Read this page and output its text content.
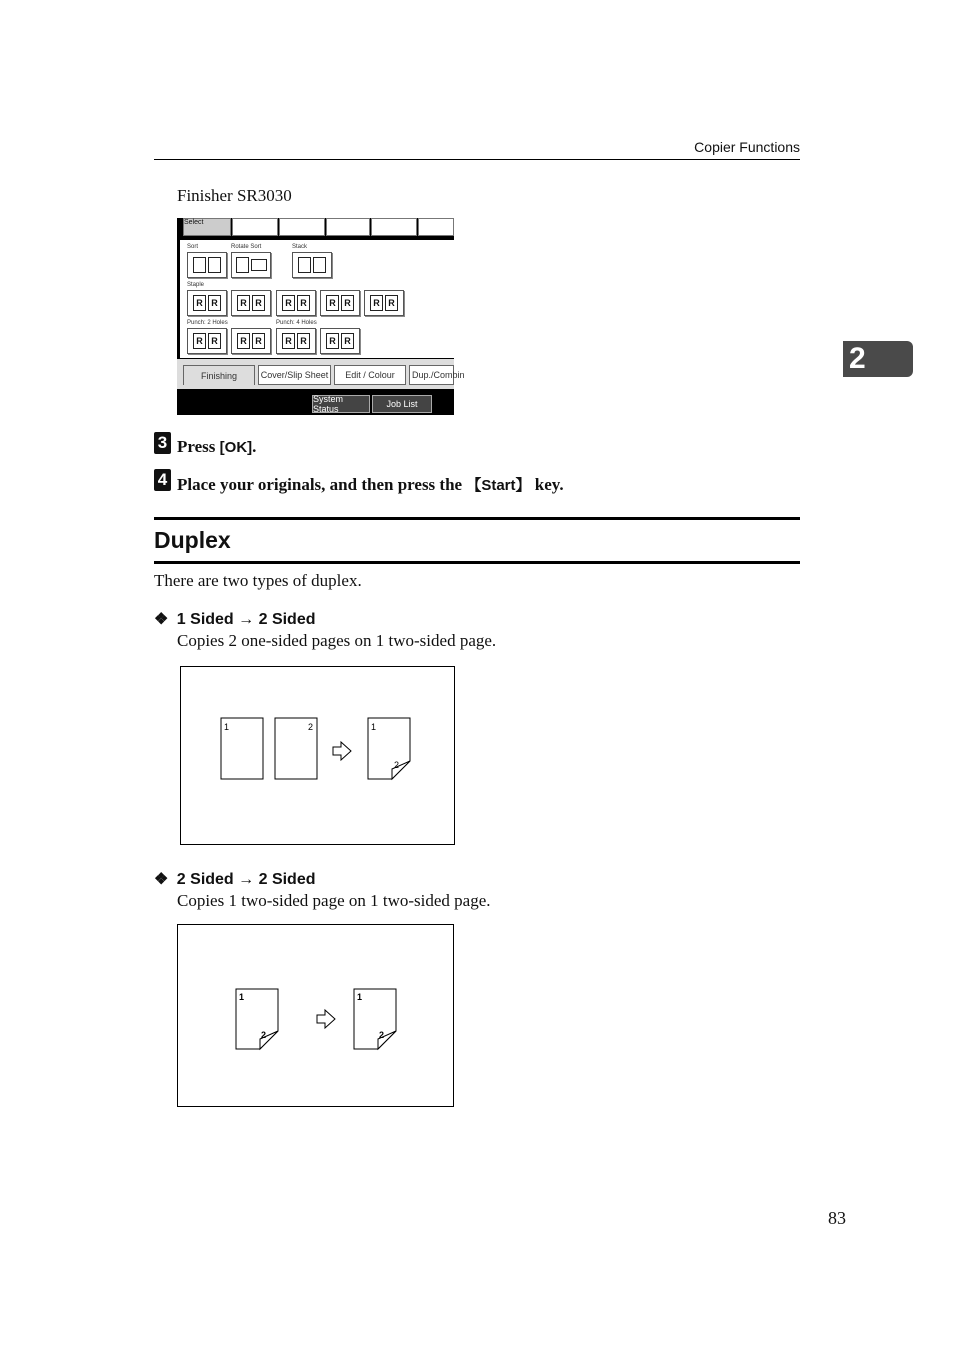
Copier Functions
Finisher SR3030
Select
Sort	Rotate Sort	Stack
Staple
R R	R R	R R	R R	R R
Punch: 2 Holes	Punch: 4 Holes
R R	R R	R R	R R
Finishing	Cover/Slip Sheet	Edit / Colour	Dup./Combin
System Status	Job List
2
3 Press [OK].
4 Place your originals, and then press the 【Start】 key.
Duplex
There are two types of duplex.
❖ 1 Sided → 2 Sided
Copies 2 one-sided pages on 1 two-sided page.
1	2	1
2
❖ 2 Sided → 2 Sided
Copies 1 two-sided page on 1 two-sided page.
1
2
1
2
83
